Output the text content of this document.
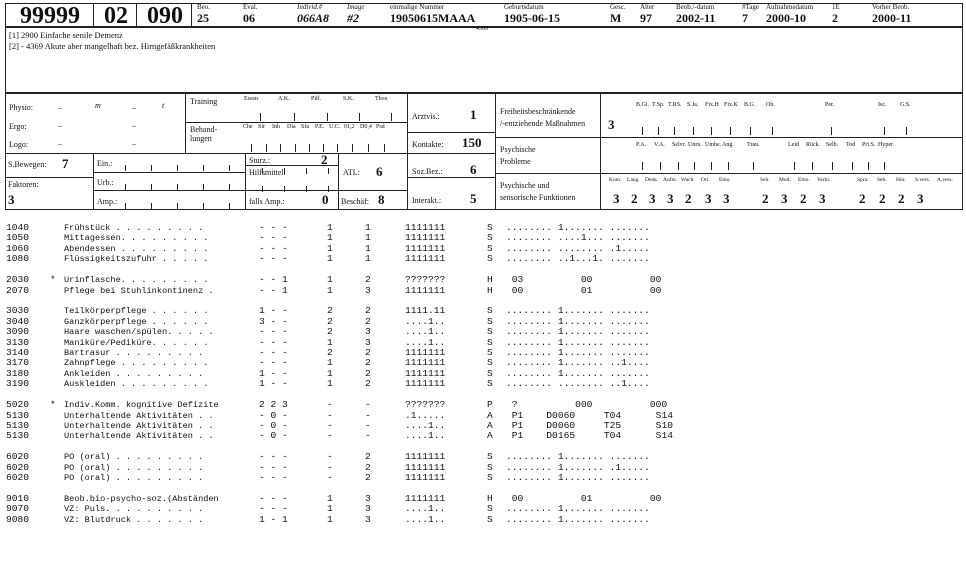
99999 02 090
[1] 2900 Einfache senile Demenz
[2] - 4369 Akute aber mangelhaft bez. Hirngefäßkrankheiten
4369
Physio:	–	m	–	t
Ergo:	–	–
Logo:	–	–
Training
Behand-
lungen
S.Bewegen: 7
Faktoren:
3
Ein.:
Urb.:
Amp.:
Sturz.:	2
Hilfsmittel:
falls Amp.:	0
ATL: 6
Beschäf: 8
Arztvis.: 1
Kontakte: 150
Soz.Bez.: 6
Interakt.: 5
Freiheitsbeschränkende
/-entziehende Maßnahmen 3
Psychische
Probleme
Psychische und
sensorische Funktionen
1040	Frühstück . . . . . . . . .	- - -	1	1	1111111	S ........ 1....... .......
1050	Mittagessen. . . . . . . . .	- - -	1	1	1111111	S ........ ....1... .......
1060	Abendessen . . . . . . . . .	- - -	1	1	1111111	S ........ ........ .1.....
1080	Flüssigkeitszufuhr . . . . .	- - -	1	1	1111111	S ........ ..1...1. .......
2030 * Urinflasche. . . . . . . . .	- - 1	1	2	???????	H 03          00          00
2070	Pflege bei Stuhlinkontinenz .	- - 1	1	3	1111111	H 00          01          00
3030	Teilkörperpflege . . . . . .	1 - -	2	2	1111.11	S ........ 1....... .......
3040	Ganzkörperpflege . . . . . .	3 - -	2	2	....1..	S ........ 1....... .......
3090	Haare waschen/spülen. . . . .	- - -	2	3	....1..	S ........ 1....... .......
3130	Maniküre/Pediküre. . . . . .	- - -	1	3	....1..	S ........ 1....... .......
3140	Bartrasur . . . . . . . . .	- - -	2	2	1111111	S ........ 1....... .......
3170	Zahnpflege . . . . . . . . .	- - -	1	2	1111111	S ........ 1....... ..1....
3180	Ankleiden . . . . . . . . .	1 - -	1	2	1111111	S ........ 1....... .......
3190	Auskleiden . . . . . . . . .	1 - -	1	2	1111111	S ........ ........ ..1....
5020 * Indiv.Komm. kognitive Defizite	2 2 3	-	-	???????	P ?          000          000
5130	Unterhaltende Aktivitäten . .	- 0 -	-	-	.1.....	A P1    D0060     T04      S14
5130	Unterhaltende Aktivitäten . .	- 0 -	-	-	....1..	A P1    D0060     T25      S10
5130	Unterhaltende Aktivitäten . .	- 0 -	-	-	....1..	A P1    D0165     T04      S14
6020	PO (oral) . . . . . . . . .	- - -	-	2	1111111	S ........ 1....... .......
6020	PO (oral) . . . . . . . . .	- - -	-	2	1111111	S ........ 1....... .1.....
6020	PO (oral) . . . . . . . . .	- - -	-	2	1111111	S ........ 1....... .......
9010	Beob.bio-psycho-soz.(Abständen	- - -	1	3	1111111	H 00          01          00
9070	VZ: Puls. . . . . . . . . .	- - -	1	3	....1..	S ........ 1....... .......
9080	VZ: Blutdruck . . . . . . .	1 - 1	1	3	....1..	S ........ 1....... .......
Beo.
25
Eval.
06
Individ.#
066A8
Image
#2
einmalige Nummer
19050615MAAA
Geburtsdatum
1905-06-15
Gesc.
M
Alter
97
Beob./-datum
2002-11
#Tage
7
Aufnahmedatum
2000-10
1E
2
Vorher Beob.
2000-11
Essen	A.K.	Pilf.	S.K.	Tbox
Che Sir Inh Dia Sfa P.E. U.C. 01,2 D0,4 Psd
B.Gi. T.Sp. T.RS. S.Ja. Fix.H Fix.K B.G. Ob.	Per.	Isc. G.S.
P.A. V.A. Selvr. Unru. Umhe. Ang. Trau.	Leid Rück. Selb. Tod Pri.S. Hyper
Kom. Lang. Denk. Aufm. Wach Ori. Emo.	Seh. Mod. Emo. Verhi.	Spra. Seh. Hör. S.vers. A.vers.
3 2 3 3 2 3 3	2 3 2 3	2 2 2 3
